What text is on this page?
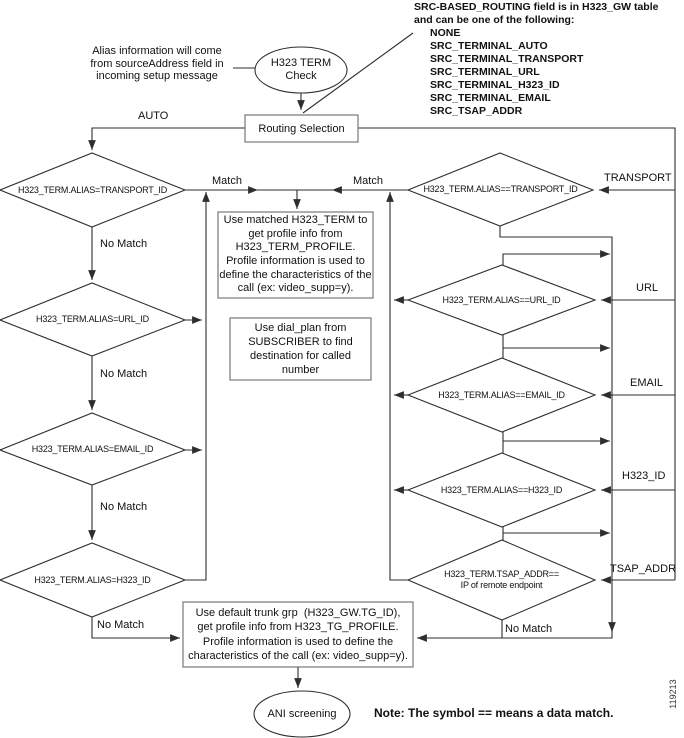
Alias information will come
from sourceAddress field in
incoming setup message
SRC-BASED_ROUTING field is in H323_GW table
and can be one of the following:
NONE
SRC_TERMINAL_AUTO
SRC_TERMINAL_TRANSPORT
SRC_TERMINAL_URL
SRC_TERMINAL_H323_ID
SRC_TERMINAL_EMAIL
SRC_TSAP_ADDR
H323 TERM
Check
Routing Selection
AUTO
Match	Match
No Match
No Match
No Match
No Match	No Match
TRANSPORT
URL
EMAIL
H323_ID
TSAP_ADDR
H323_TERM.ALIAS=TRANSPORT_ID
H323_TERM.ALIAS=URL_ID
H323_TERM.ALIAS=EMAIL_ID
H323_TERM.ALIAS=H323_ID
H323_TERM.ALIAS==TRANSPORT_ID
H323_TERM.ALIAS==URL_ID
H323_TERM.ALIAS==EMAIL_ID
H323_TERM.ALIAS==H323_ID
H323_TERM.TSAP_ADDR==
IP of remote endpoint
Use matched H323_TERM to
get profile info from
H323_TERM_PROFILE.
Profile information is used to
define the characteristics of the
call (ex: video_supp=y).
Use dial_plan from
SUBSCRIBER to find
destination for called
number
Use default trunk grp  (H323_GW.TG_ID),
get profile info from H323_TG_PROFILE.
Profile information is used to define the
characteristics of the call (ex: video_supp=y).
ANI screening	Note: The symbol == means a data match.
119213
